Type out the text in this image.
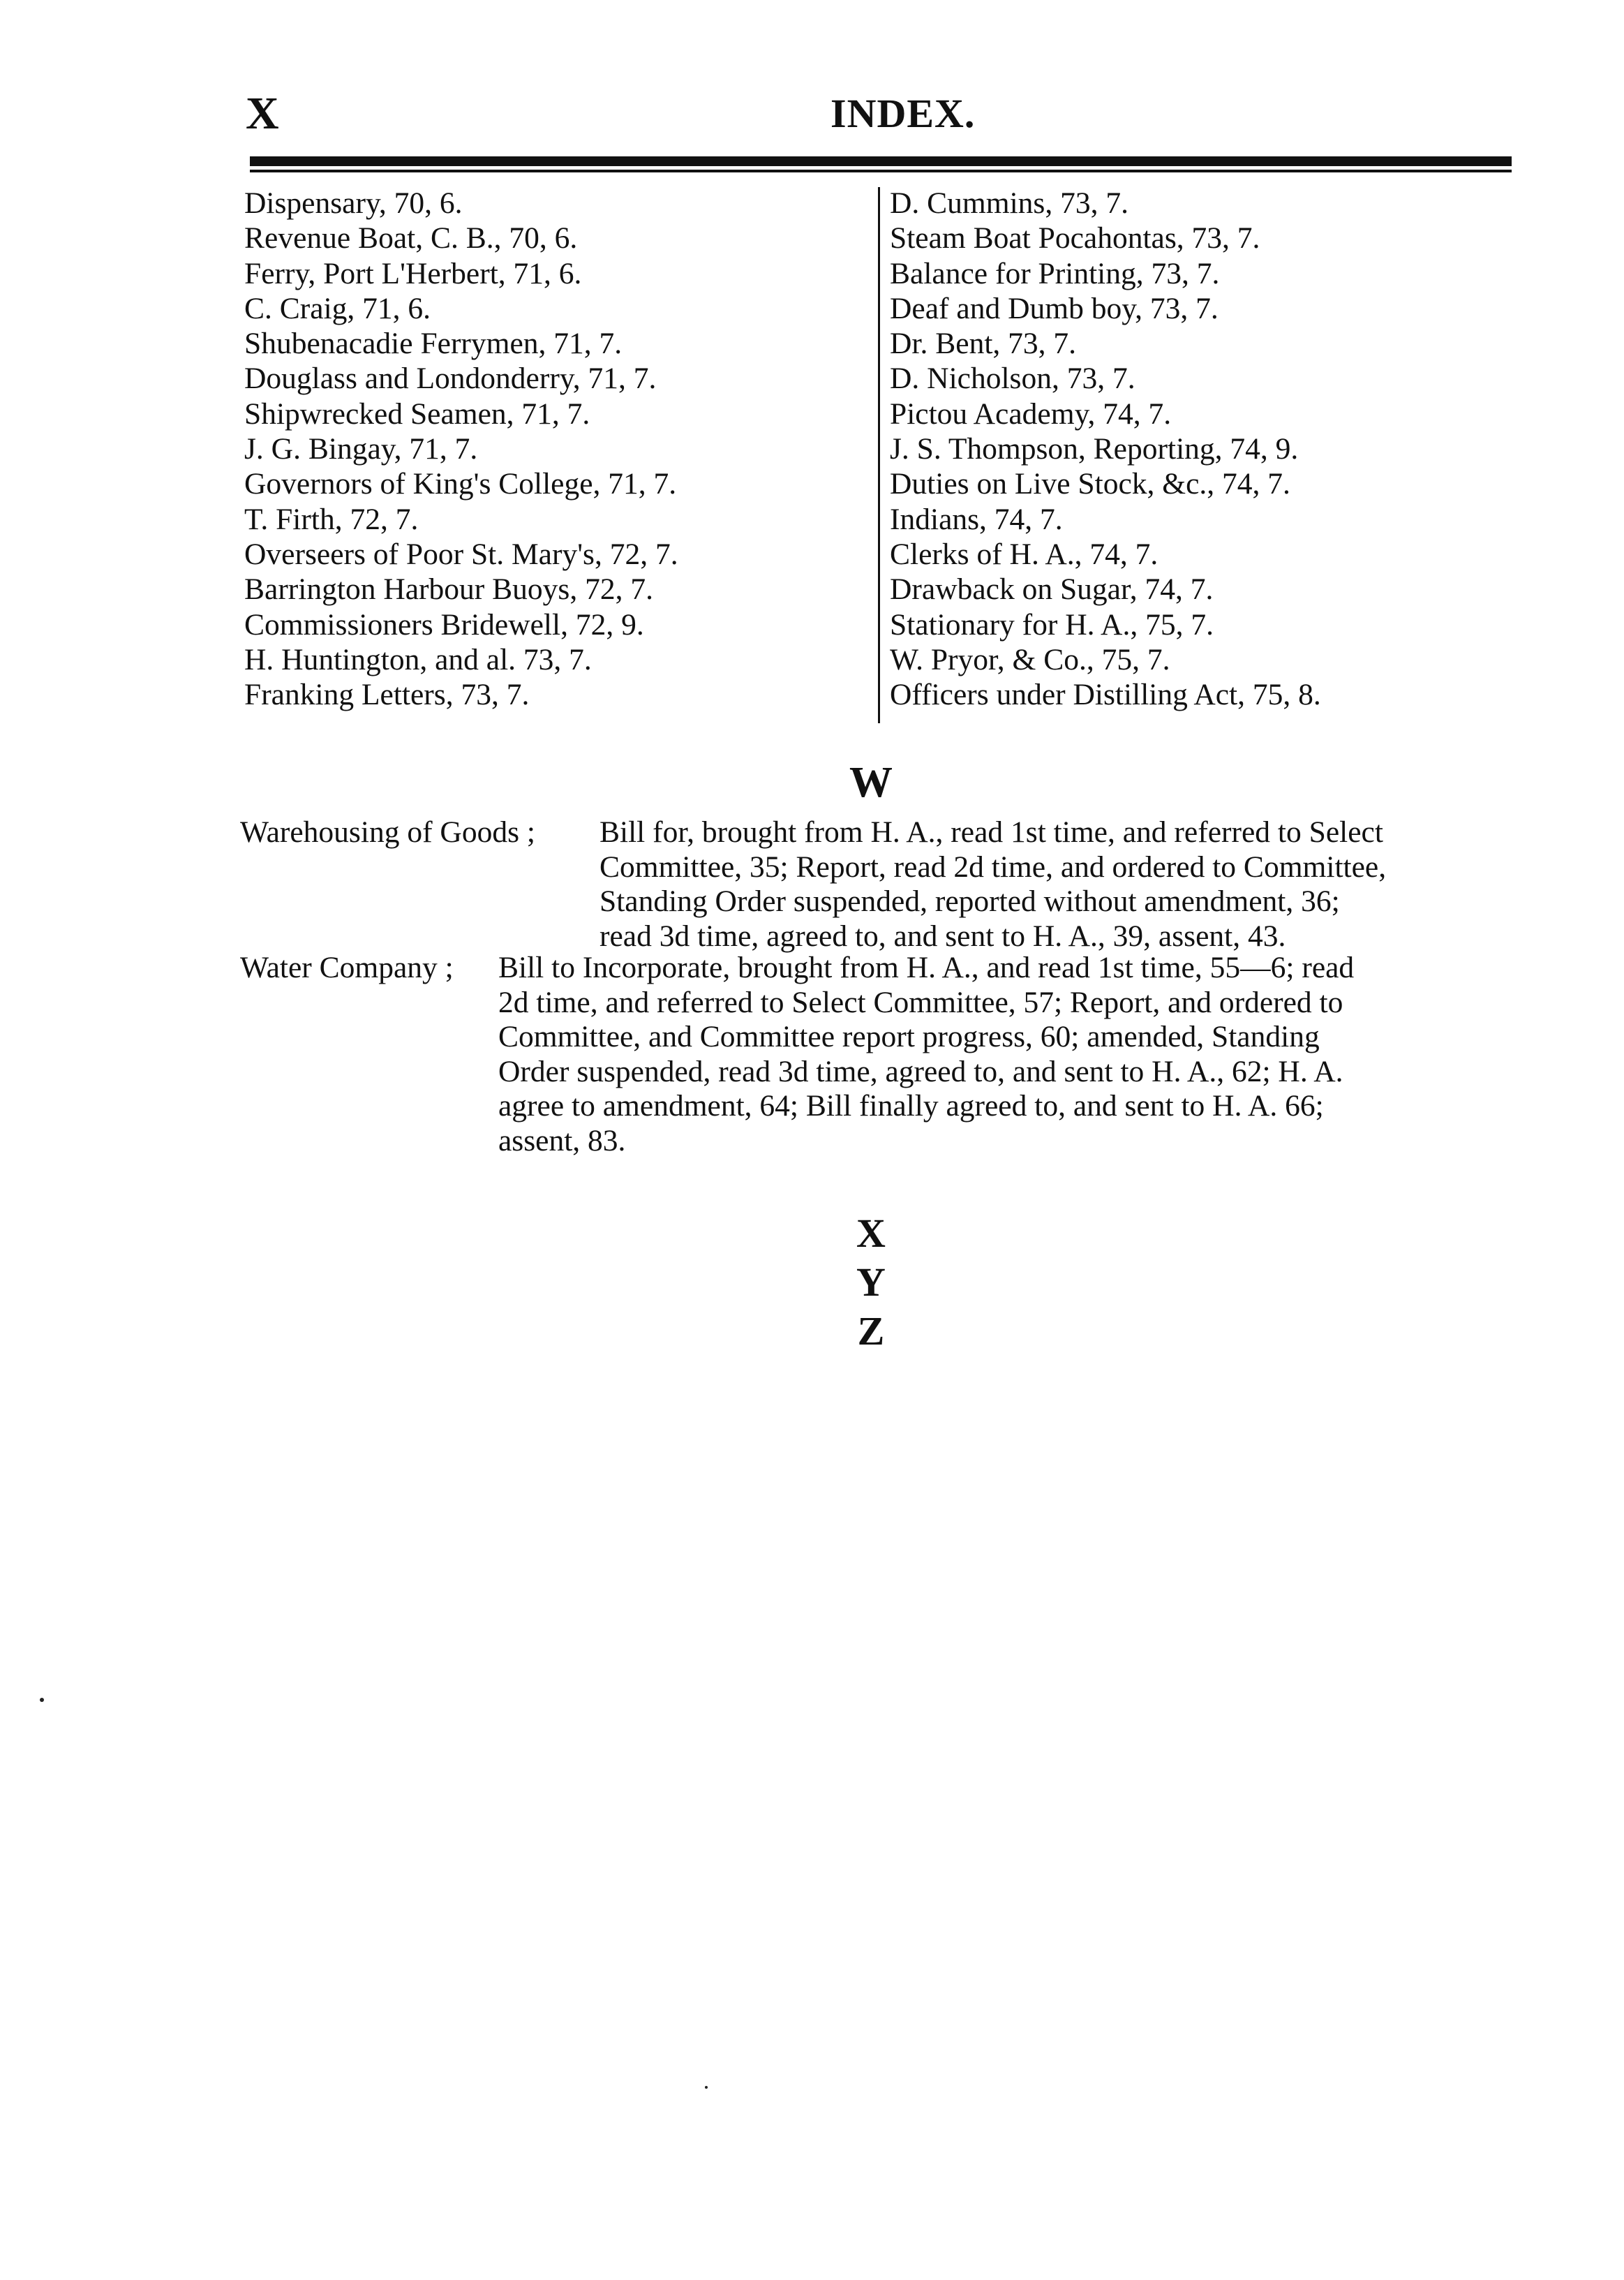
X	INDEX.
Dispensary, 70, 6.
Revenue Boat, C. B., 70, 6.
Ferry, Port L'Herbert, 71, 6.
C. Craig, 71, 6.
Shubenacadie Ferrymen, 71, 7.
Douglass and Londonderry, 71, 7.
Shipwrecked Seamen, 71, 7.
J. G. Bingay, 71, 7.
Governors of King's College, 71, 7.
T. Firth, 72, 7.
Overseers of Poor St. Mary's, 72, 7.
Barrington Harbour Buoys, 72, 7.
Commissioners Bridewell, 72, 9.
H. Huntington, and al. 73, 7.
Franking Letters, 73, 7.
D. Cummins, 73, 7.
Steam Boat Pocahontas, 73, 7.
Balance for Printing, 73, 7.
Deaf and Dumb boy, 73, 7.
Dr. Bent, 73, 7.
D. Nicholson, 73, 7.
Pictou Academy, 74, 7.
J. S. Thompson, Reporting, 74, 9.
Duties on Live Stock, &c., 74, 7.
Indians, 74, 7.
Clerks of H. A., 74, 7.
Drawback on Sugar, 74, 7.
Stationary for H. A., 75, 7.
W. Pryor, & Co., 75, 7.
Officers under Distilling Act, 75, 8.
W
Warehousing of Goods ; Bill for, brought from H. A., read 1st time, and referred to Select

Committee, 35; Report, read 2d time, and ordered to Committee,

Standing Order suspended, reported without amendment, 36;

read 3d time, agreed to, and sent to H. A., 39, assent, 43.

Water Company ; Bill to Incorporate, brought from H. A., and read 1st time, 55—6; read

2d time, and referred to Select Committee, 57; Report, and ordered to

Committee, and Committee report progress, 60; amended, Standing

Order suspended, read 3d time, agreed to, and sent to H. A., 62; H. A.

agree to amendment, 64; Bill finally agreed to, and sent to H. A. 66;

assent, 83.

X
Y
Z
